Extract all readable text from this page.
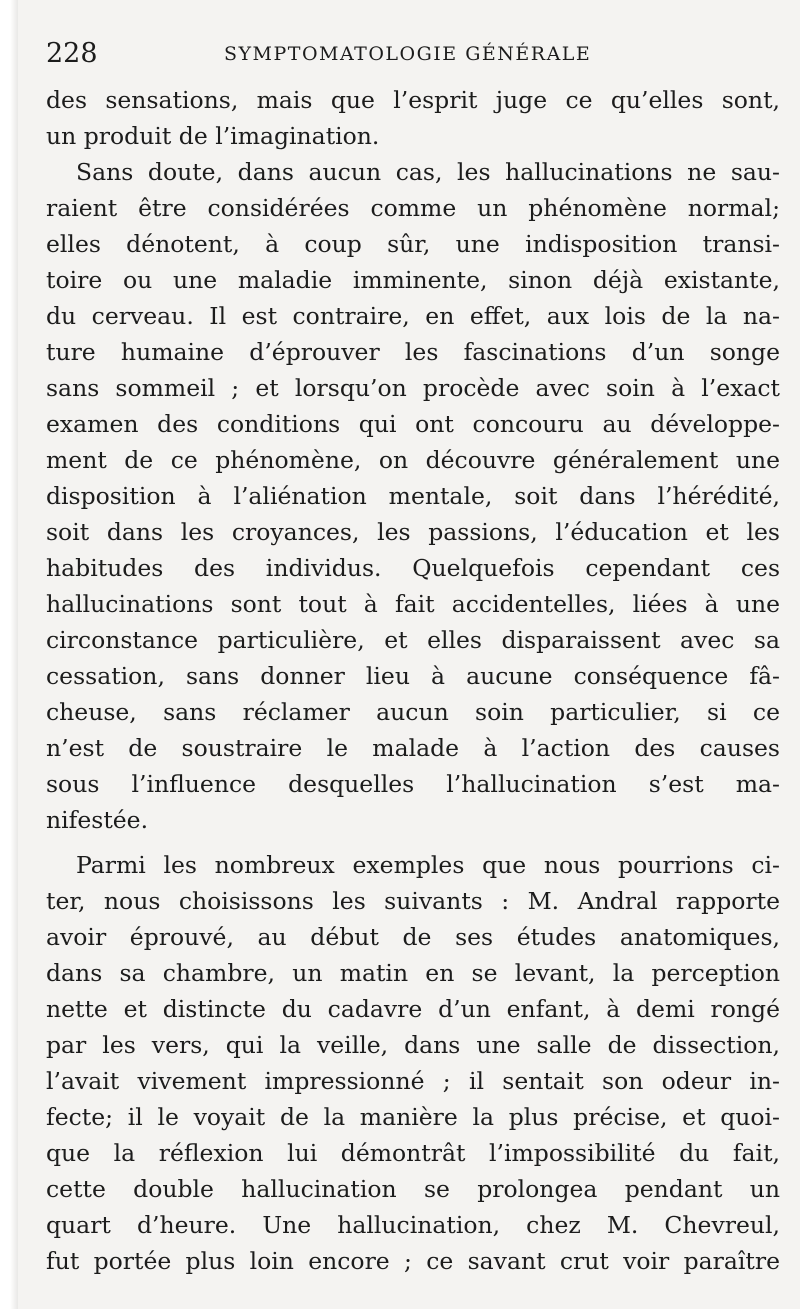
228	SYMPTOMATOLOGIE GÉNÉRALE
des sensations, mais que l’esprit juge ce qu’elles sont,
un produit de l’imagination.
Sans doute, dans aucun cas, les hallucinations ne sau-
raient être considérées comme un phénomène normal;
elles dénotent, à coup sûr, une indisposition transi-
toire ou une maladie imminente, sinon déjà existante,
du cerveau. Il est contraire, en effet, aux lois de la na-
ture humaine d’éprouver les fascinations d’un songe
sans sommeil ; et lorsqu’on procède avec soin à l’exact
examen des conditions qui ont concouru au développe-
ment de ce phénomène, on découvre généralement une
disposition à l’aliénation mentale, soit dans l’hérédité,
soit dans les croyances, les passions, l’éducation et les
habitudes des individus. Quelquefois cependant ces
hallucinations sont tout à fait accidentelles, liées à une
circonstance particulière, et elles disparaissent avec sa
cessation, sans donner lieu à aucune conséquence fâ-
cheuse, sans réclamer aucun soin particulier, si ce
n’est de soustraire le malade à l’action des causes
sous l’influence desquelles l’hallucination s’est ma-
nifestée.
Parmi les nombreux exemples que nous pourrions ci-
ter, nous choisissons les suivants : M. Andral rapporte
avoir éprouvé, au début de ses études anatomiques,
dans sa chambre, un matin en se levant, la perception
nette et distincte du cadavre d’un enfant, à demi rongé
par les vers, qui la veille, dans une salle de dissection,
l’avait vivement impressionné ; il sentait son odeur in-
fecte; il le voyait de la manière la plus précise, et quoi-
que la réflexion lui démontrât l’impossibilité du fait,
cette double hallucination se prolongea pendant un
quart d’heure. Une hallucination, chez M. Chevreul,
fut portée plus loin encore ; ce savant crut voir paraître
